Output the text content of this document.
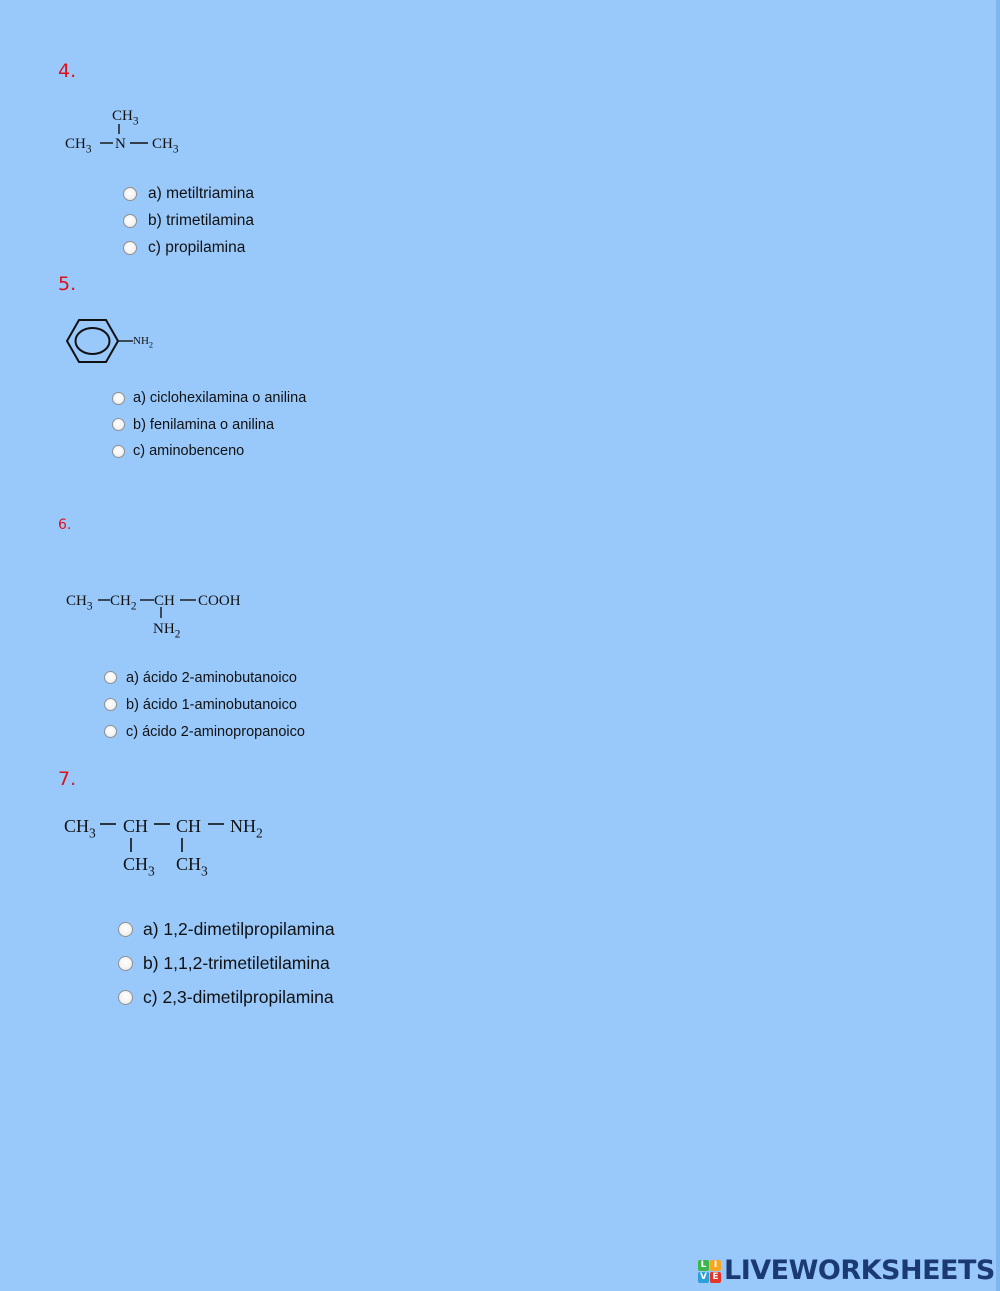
4.
$CH_3$
$CH_3$ N $CH_3$
a) metiltriamina
b) trimetilamina
c) propilamina
5.
$NH_2$
a) ciclohexilamina o anilina
b) fenilamina o anilina
c) aminobenceno
6.
$CH_3$ $CH_2$ CH COOH
$NH_2$
a) ácido 2-aminobutanoico
b) ácido 1-aminobutanoico
c) ácido 2-aminopropanoico
7.
$CH_3$ CH CH $NH_2$
$CH_3$ $CH_3$
a) 1,2-dimetilpropilamina
b) 1,1,2-trimetiletilamina
c) 2,3-dimetilpropilamina
L I
V E LIVEWORKSHEETS
